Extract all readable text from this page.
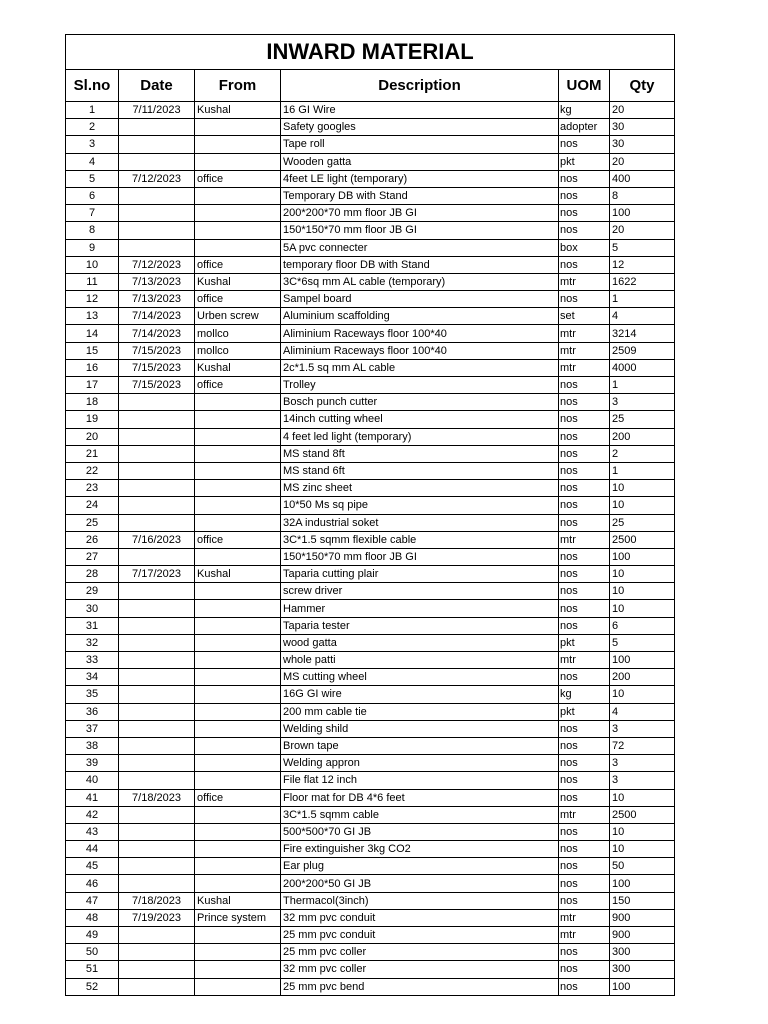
INWARD MATERIAL					
Sl.no	Date	From	Description	UOM	Qty
1	7/11/2023	Kushal	16 GI Wire	kg	20
2			Safety googles	adopter	30
3			Tape roll	nos	30
4			Wooden gatta	pkt	20
5	7/12/2023	office	4feet LE light (temporary)	nos	400
6			Temporary DB with Stand	nos	8
7			200*200*70 mm floor JB GI	nos	100
8			150*150*70 mm floor JB GI	nos	20
9			5A pvc connecter	box	5
10	7/12/2023	office	temporary floor DB with Stand	nos	12
11	7/13/2023	Kushal	3C*6sq mm AL cable (temporary)	mtr	1622
12	7/13/2023	office	Sampel board	nos	1
13	7/14/2023	Urben screw	Aluminium scaffolding	set	4
14	7/14/2023	mollco	Aliminium Raceways floor 100*40	mtr	3214
15	7/15/2023	mollco	Aliminium Raceways floor 100*40	mtr	2509
16	7/15/2023	Kushal	2c*1.5 sq mm AL cable	mtr	4000
17	7/15/2023	office	Trolley	nos	1
18			Bosch punch cutter	nos	3
19			14inch cutting wheel	nos	25
20			4 feet led light (temporary)	nos	200
21			MS stand 8ft	nos	2
22			MS stand 6ft	nos	1
23			MS zinc sheet	nos	10
24			10*50 Ms sq pipe	nos	10
25			32A industrial soket	nos	25
26	7/16/2023	office	3C*1.5 sqmm flexible cable	mtr	2500
27			150*150*70 mm floor JB GI	nos	100
28	7/17/2023	Kushal	Taparia cutting plair	nos	10
29			screw driver	nos	10
30			Hammer	nos	10
31			Taparia tester	nos	6
32			wood gatta	pkt	5
33			whole patti	mtr	100
34			MS cutting wheel	nos	200
35			16G GI wire	kg	10
36			200 mm cable tie	pkt	4
37			Welding shild	nos	3
38			Brown tape	nos	72
39			Welding appron	nos	3
40			File flat 12 inch	nos	3
41	7/18/2023	office	Floor mat for DB 4*6 feet	nos	10
42			3C*1.5 sqmm cable	mtr	2500
43			500*500*70 GI JB	nos	10
44			Fire extinguisher 3kg CO2	nos	10
45			Ear plug	nos	50
46			200*200*50 GI JB	nos	100
47	7/18/2023	Kushal	Thermacol(3inch)	nos	150
48	7/19/2023	Prince system	32 mm pvc conduit	mtr	900
49			25 mm pvc conduit	mtr	900
50			25 mm pvc coller	nos	300
51			32 mm pvc coller	nos	300
52			25 mm pvc bend	nos	100
